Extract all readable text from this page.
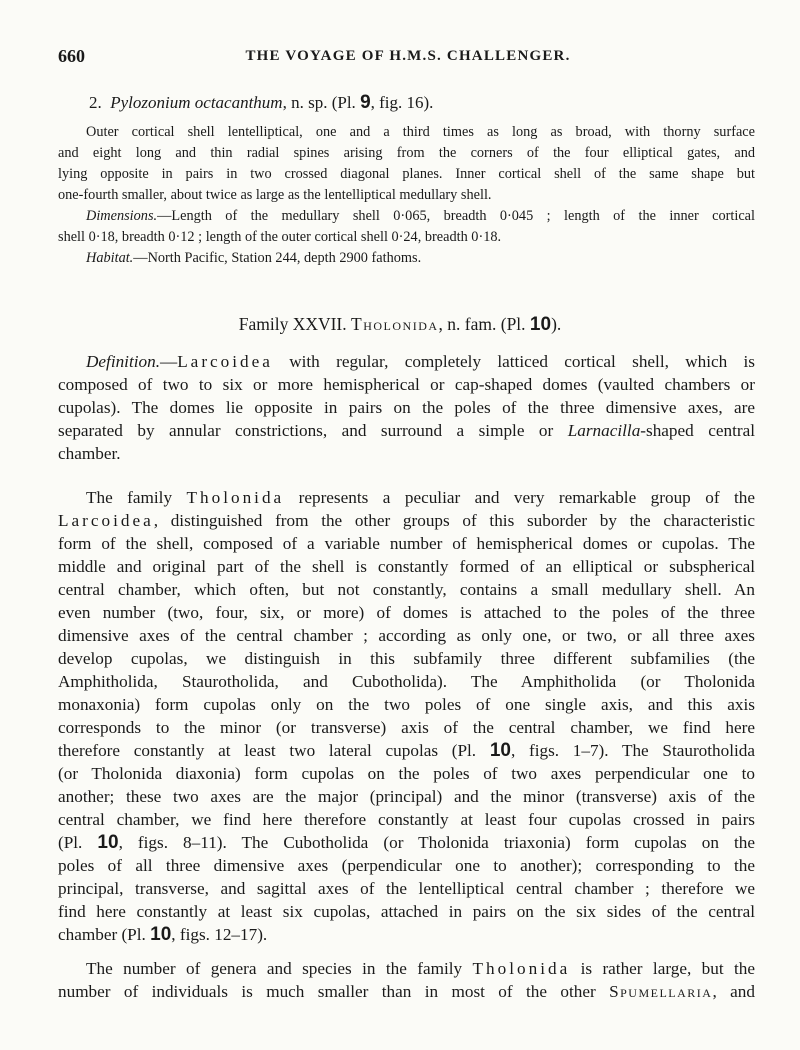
660	THE VOYAGE OF H.M.S. CHALLENGER.
2. Pylozonium octacanthum, n. sp. (Pl. 9, fig. 16).

Outer cortical shell lentelliptical, one and a third times as long as broad, with thorny surface

and eight long and thin radial spines arising from the corners of the four elliptical gates, and

lying opposite in pairs in two crossed diagonal planes. Inner cortical shell of the same shape but

one-fourth smaller, about twice as large as the lentelliptical medullary shell.

Dimensions.—Length of the medullary shell 0·065, breadth 0·045 ; length of the inner cortical

shell 0·18, breadth 0·12 ; length of the outer cortical shell 0·24, breadth 0·18.

Habitat.—North Pacific, Station 244, depth 2900 fathoms.

Family XXVII. Tholonida, n. fam. (Pl. 10).

Definition.—Larcoidea with regular, completely latticed cortical shell, which is

composed of two to six or more hemispherical or cap-shaped domes (vaulted chambers or

cupolas). The domes lie opposite in pairs on the poles of the three dimensive axes, are

separated by annular constrictions, and surround a simple or Larnacilla-shaped central

chamber.

The family Tholonida represents a peculiar and very remarkable group of the

Larcoidea, distinguished from the other groups of this suborder by the characteristic

form of the shell, composed of a variable number of hemispherical domes or cupolas. The

middle and original part of the shell is constantly formed of an elliptical or subspherical

central chamber, which often, but not constantly, contains a small medullary shell. An

even number (two, four, six, or more) of domes is attached to the poles of the three

dimensive axes of the central chamber ; according as only one, or two, or all three axes

develop cupolas, we distinguish in this subfamily three different subfamilies (the

Amphitholida, Staurotholida, and Cubotholida). The Amphitholida (or Tholonida

monaxonia) form cupolas only on the two poles of one single axis, and this axis

corresponds to the minor (or transverse) axis of the central chamber, we find here

therefore constantly at least two lateral cupolas (Pl. 10, figs. 1–7). The Staurotholida

(or Tholonida diaxonia) form cupolas on the poles of two axes perpendicular one to

another; these two axes are the major (principal) and the minor (transverse) axis of the

central chamber, we find here therefore constantly at least four cupolas crossed in pairs

(Pl. 10, figs. 8–11). The Cubotholida (or Tholonida triaxonia) form cupolas on the

poles of all three dimensive axes (perpendicular one to another); corresponding to the

principal, transverse, and sagittal axes of the lentelliptical central chamber ; therefore we

find here constantly at least six cupolas, attached in pairs on the six sides of the central

chamber (Pl. 10, figs. 12–17).

The number of genera and species in the family Tholonida is rather large, but the

number of individuals is much smaller than in most of the other Spumellaria, and
